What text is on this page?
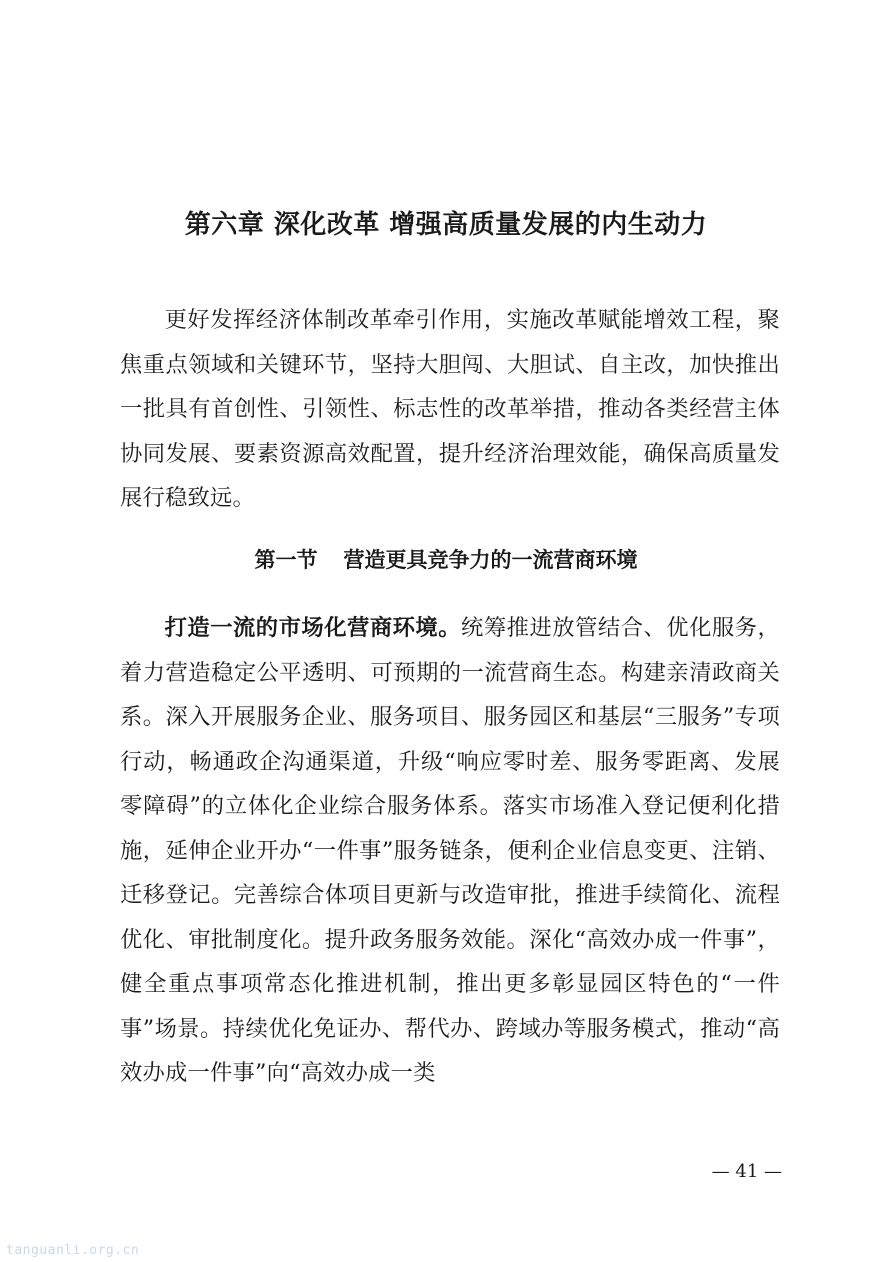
第六章 深化改革 增强高质量发展的内生动力

更好发挥经济体制改革牵引作用，实施改革赋能增效工程，聚焦重点领域和关键环节，坚持大胆闯、大胆试、自主改，加快推出一批具有首创性、引领性、标志性的改革举措，推动各类经营主体协同发展、要素资源高效配置，提升经济治理效能，确保高质量发展行稳致远。

第一节 营造更具竞争力的一流营商环境

打造一流的市场化营商环境。统筹推进放管结合、优化服务，着力营造稳定公平透明、可预期的一流营商生态。构建亲清政商关系。深入开展服务企业、服务项目、服务园区和基层“三服务”专项行动，畅通政企沟通渠道，升级“响应零时差、服务零距离、发展零障碍”的立体化企业综合服务体系。落实市场准入登记便利化措施，延伸企业开办“一件事”服务链条，便利企业信息变更、注销、迁移登记。完善综合体项目更新与改造审批，推进手续简化、流程优化、审批制度化。提升政务服务效能。深化“高效办成一件事”，健全重点事项常态化推进机制，推出更多彰显园区特色的“一件事”场景。持续优化免证办、帮代办、跨域办等服务模式，推动“高效办成一件事”向“高效办成一类

— 41 —
tanguanli.org.cn
